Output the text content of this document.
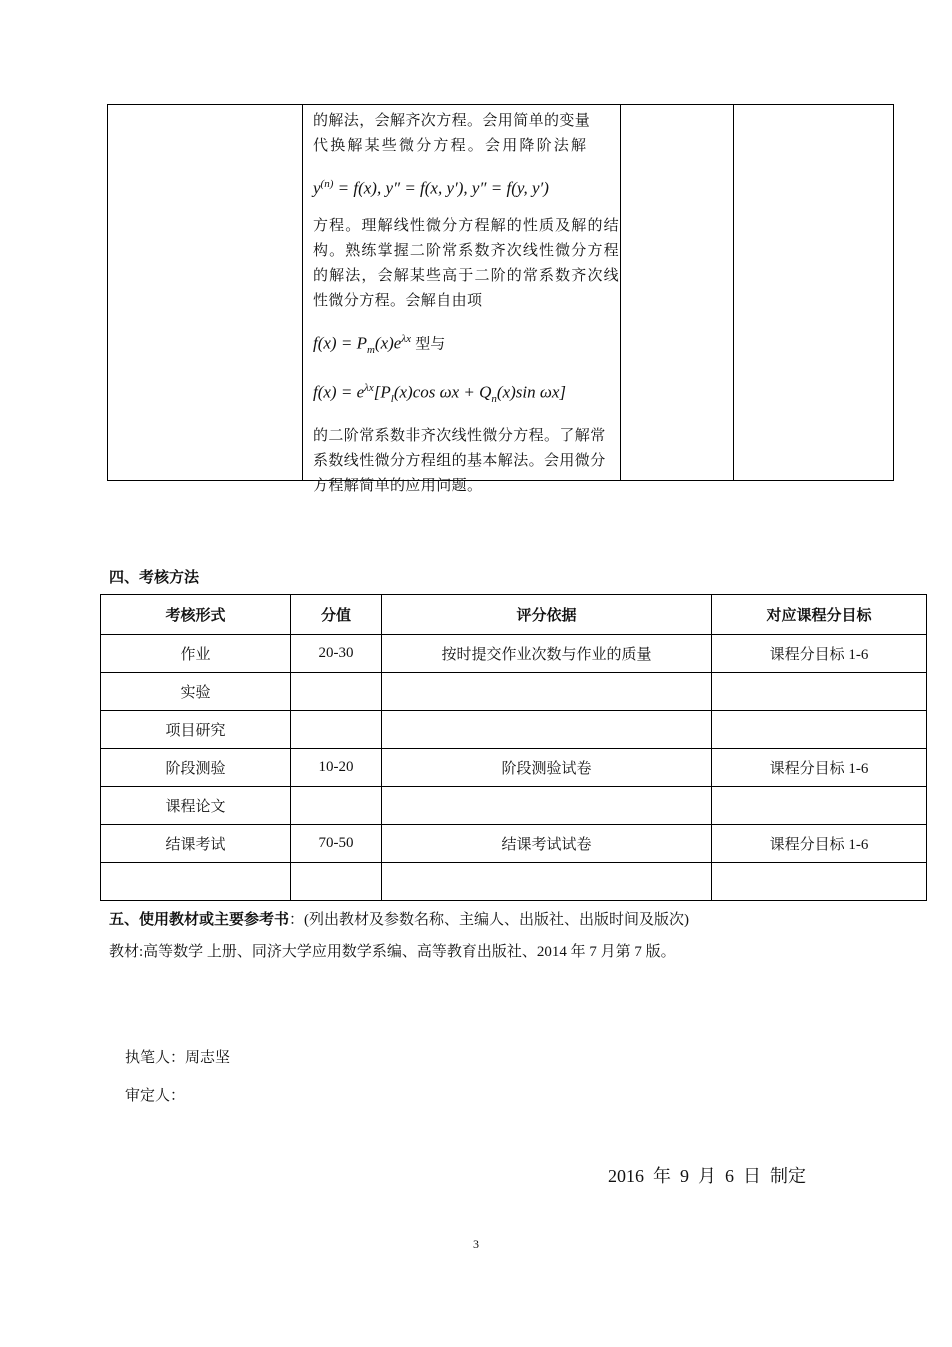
的解法，会解齐次方程。会用简单的变量

代换解某些微分方程。会用降阶法解

$y^{(n)} = f(x)$, y″ = f(x, y′), y″ = f(y, y′)

方程。理解线性微分方程解的性质及解的结构。熟练掌握二阶常系数齐次线性微分方程的解法，会解某些高于二阶的常系数齐次线性微分方程。会解自由项

$f(x) = P_m(x)e^{\lambda x}$ 型与

$f(x) = e^{\lambda x}[P_l(x)\cos$ $\omega x + Q_n(x)\sin$ ωx]

的二阶常系数非齐次线性微分方程。了解常系数线性微分方程组的基本解法。会用微分方程解简单的应用问题。

四、考核方法
考核形式	分值	评分依据	对应课程分目标
作业	20-30	按时提交作业次数与作业的质量	课程分目标 1-6
实验			
项目研究			
阶段测验	10-20	阶段测验试卷	课程分目标 1-6
课程论文			
结课考试	70-50	结课考试试卷	课程分目标 1-6

五、使用教材或主要参考书：(列出教材及参数名称、主编人、出版社、出版时间及版次)
教材:高等数学 上册、同济大学应用数学系编、高等教育出版社、2014 年 7 月第 7 版。
执笔人：周志坚
审定人：
2016  年  9  月  6  日  制定
3
